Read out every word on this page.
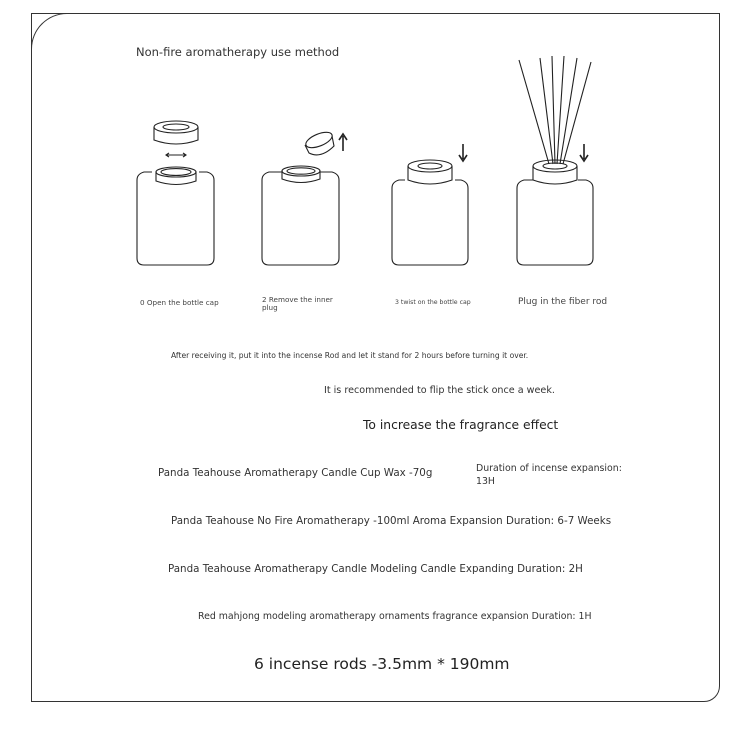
Non-fire aromatherapy use method
0 Open the bottle cap	2 Remove the inner plug
3 twist on the bottle cap	Plug in the fiber rod
After receiving it, put it into the incense Rod and let it stand for 2 hours before turning it over.
It is recommended to flip the stick once a week.
To increase the fragrance effect
Panda Teahouse Aromatherapy Candle Cup Wax -70g	Duration of incense expansion: 13H
Panda Teahouse No Fire Aromatherapy -100ml Aroma Expansion Duration: 6-7 Weeks
Panda Teahouse Aromatherapy Candle Modeling Candle Expanding Duration: 2H
Red mahjong modeling aromatherapy ornaments fragrance expansion Duration: 1H
6 incense rods -3.5mm * 190mm
